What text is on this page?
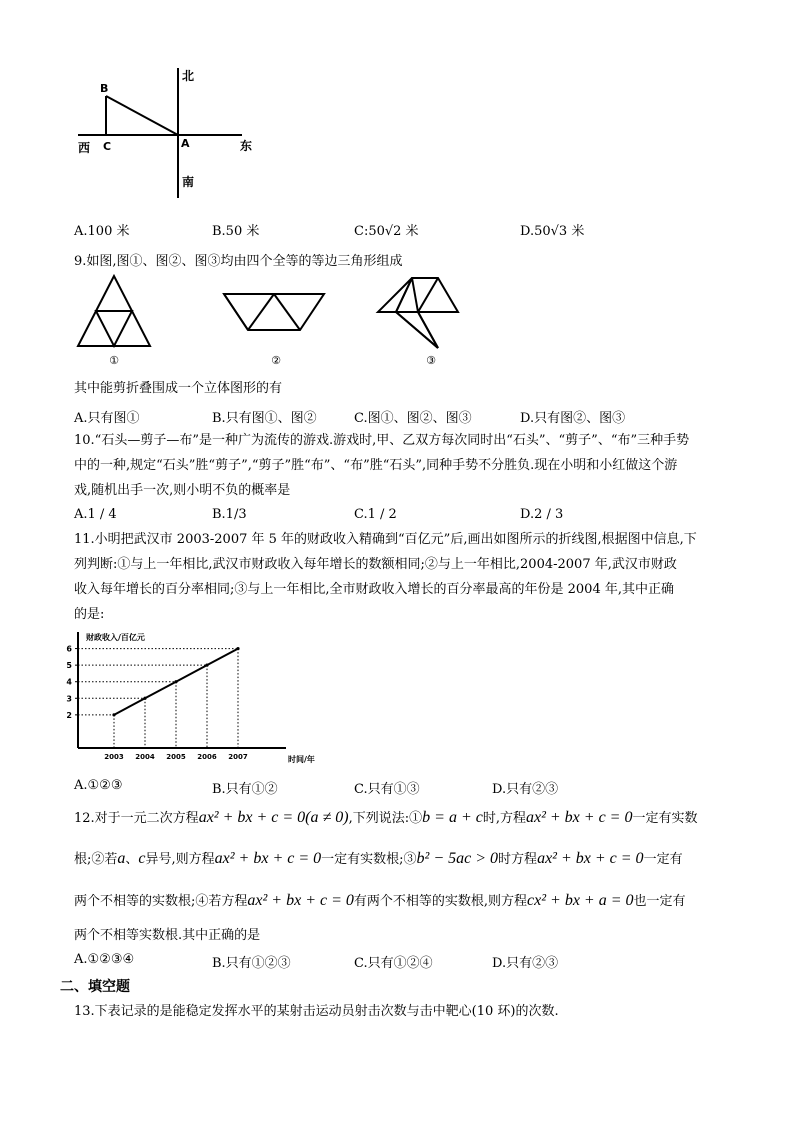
北
东
西
南
B
C	A
A.100 米	B.50 米	C:50√2 米	D.50√3 米
9.如图,图①、图②、图③均由四个全等的等边三角形组成
①	②	③
其中能剪折叠围成一个立体图形的有
A.只有图①	B.只有图①、图②	C.图①、图②、图③	D.只有图②、图③
10.“石头—剪子—布”是一种广为流传的游戏.游戏时,甲、乙双方每次同时出“石头”、“剪子”、“布”三种手势
中的一种,规定“石头”胜“剪子”,“剪子”胜“布”、“布”胜“石头”,同种手势不分胜负.现在小明和小红做这个游
戏,随机出手一次,则小明不负的概率是
A.1 / 4	B.1/3	C.1 / 2	D.2 / 3
11.小明把武汉市 2003-2007 年 5 年的财政收入精确到“百亿元”后,画出如图所示的折线图,根据图中信息,下
列判断:①与上一年相比,武汉市财政收入每年增长的数额相同;②与上一年相比,2004-2007 年,武汉市财政
收入每年增长的百分率相同;③与上一年相比,全市财政收入增长的百分率最高的年份是 2004 年,其中正确
的是:
财政收入/百亿元
时间/年
2
3
4
5
6
2003 2004 2005 2006 2007
A.①②③	B.只有①②	C.只有①③	D.只有②③
12.对于一元二次方程ax² + bx + c = 0(a ≠ 0),下列说法:①b = a + c时,方程ax² + bx + c = 0一定有实数
根;②若a、c异号,则方程ax² + bx + c = 0一定有实数根;③b² − 5ac > 0时方程ax² + bx + c = 0一定有
两个不相等的实数根;④若方程ax² + bx + c = 0有两个不相等的实数根,则方程cx² + bx + a = 0也一定有
两个不相等实数根.其中正确的是
A.①②③④	B.只有①②③	C.只有①②④	D.只有②③
二、填空题
13.下表记录的是能稳定发挥水平的某射击运动员射击次数与击中靶心(10 环)的次数.
